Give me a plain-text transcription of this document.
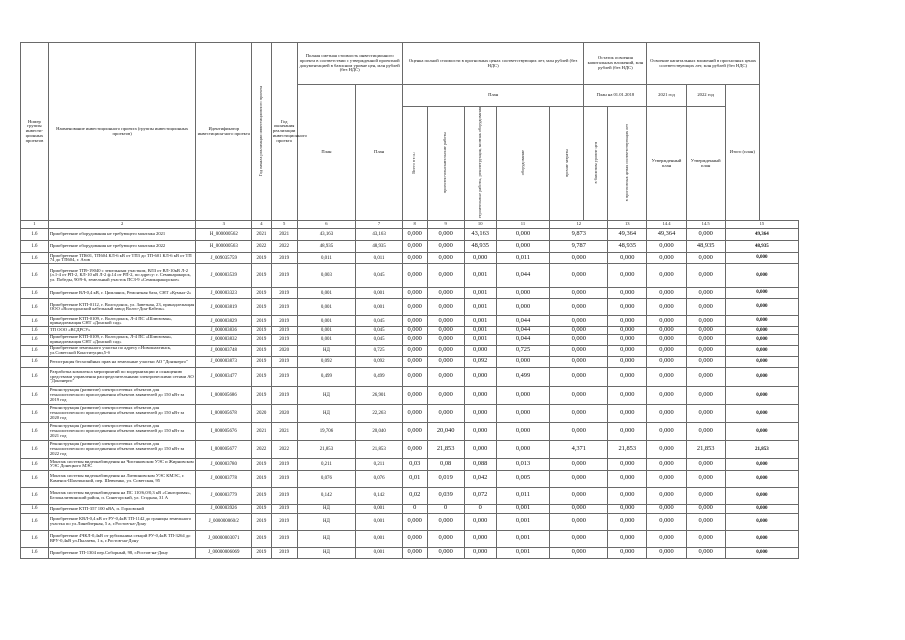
Номер группы инвести-ционных проектов	Наименование инвестиционного проекта (группы инвестиционных проектов)	Идентификатор инвестицион-ного проекта	Год начала реализации инвестиционного проекта	Год окончания реализации инвестиционного проекта	Полная сметная стоимость инвестиционного проекта в соответствии с утвержденной проектной документацией в базисном уровне цен, млн рублей (без НДС)		Оценка полной стоимости в прогнозных ценах соответствующих лет, млн рублей (без НДС)					Остаток освоения капитальных вложений, млн рублей (без НДС)		Освоение капитальных вложений в прогнозных ценах соответствующих лет, млн рублей (без НДС)		
					План	План	План					План на 01.01.2018		2021 год	2022 год	Итого (план)
							Всего в т.ч.:	проектно-изыскательские работы	строительные работы, реконструкция, монтаж оборудования	оборудование	прочие затраты	в базисном уровне цен	в прогнозных ценах соответствующих лет	Утвержденный план	Утвержденный план	
1	2	3	4	5	6	7	8	9	10	11	12		13	14.4	14.5	15
1.6	Приобретение оборудования не требующего монтажа 2021	H_000000562	2021	2021	43,163	43,163	0,000	0,000	43,163	0,000	9,873		49,364	49,364	0,000	49,364
1.6	Приобретение оборудования не требующего монтажа 2022	H_000000563	2022	2022	48,935	48,935	0,000	0,000	48,935	0,000	9,787		48,935	0,000	48,935	48,935
1.6	Приобретение ТП601, ТП604 КЛ-6 кВ от ТП3 до ТП-601 КЛ-6 кВ от ТП 74 до ТП604, г. Азов	J_009035759	2019	2019	0,011	0,011	0,000	0,000	0,000	0,011	0,000		0,000	0,000	0,000	0,000
1.6	Приобретение ТП9-19040 с земельным участком, ВЛЗ от ВЛ-10кВ Л-2 (л.1-4 от РП-2, КЛ-10 кВ Л-2 ф.14 от РП-2, по адресу: г. Семикаракорск, ул. Победы, 90/9-6, земельный участок ПСЗ-9 «Семикаракорское»	J_000003539	2019	2019	0,003	0,045	0,000	0,000	0,001	0,044	0,000		0,000	0,000	0,000	0,000
1.6	Приобретение ВЛ-0,4 кВ, г. Цимлянск, Ремонтная база, СНТ «Кумыл-2»	J_000003323	2019	2019	0,001	0,001	0,000	0,000	0,001	0,000	0,000		0,000	0,000	0,000	0,000
1.6	Приобретение КТП-0112, г. Волгодонск, ул. Заветная, 23, принадлежащая ООО «Волгодонский кабельный завод Волго-Дон-Кабель»	J_000003819	2019	2019	0,001	0,001	0,000	0,000	0,001	0,000	0,000		0,000	0,000	0,000	0,000
1.6	Приобретение КТП-0109, г. Волгодонск, Л-4 ПС «Шлюзовая», принадлежащая СНТ «Донской сад»	J_000003829	2019	2019	0,001	0,045	0,000	0,000	0,001	0,044	0,000		0,000	0,000	0,000	0,000
1.6	ТП ООО «ВСДРСУ»	J_000003836	2019	2019	0,001	0,045	0,000	0,000	0,001	0,044	0,000		0,000	0,000	0,000	0,000
1.6	Приобретение КТП-0109, г. Волгодонск, Л-4 ПС «Шлюзовая», принадлежащая СНТ «Донской сад»	J_000003832	2019	2019	0,001	0,045	0,000	0,000	0,001	0,044	0,000		0,000	0,000	0,000	0,000
1.6	Приобретение земельного участка по адресу г.Новошахтинск, ул.Советской Конституции,5-б	J_000003748	2019	2020	НД	0,725	0,000	0,000	0,000	0,725	0,000		0,000	0,000	0,000	0,000
1.6	Регистрация бесхозяйных прав на земельные участки АО "Донэнерго"	J_000003873	2019	2019	0,092	0,092	0,000	0,000	0,092	0,000	0,000		0,000	0,000	0,000	0,000
1.6	Разработка комплекса мероприятий по модернизации и оснащению средствами управления распределительными электрическими сетями АО "Донэнерго"	J_000003477	2019	2019	0,499	0,499	0,000	0,000	0,000	0,499	0,000		0,000	0,000	0,000	0,000
1.6	Реконструкция (развитие) электросетевых объектов для технологического присоединения объектов заявителей до 150 кВт за 2019 год	I_000005686	2019	2019	НД	26,901	0,000	0,000	0,000	0,000	0,000		0,000	0,000	0,000	0,000
1.6	Реконструкция (развитие) электросетевых объектов для технологического присоединения объектов заявителей до 150 кВт за 2020 год	I_000005678	2020	2020	НД	22,263	0,000	0,000	0,000	0,000	0,000		0,000	0,000	0,000	0,000
1.6	Реконструкция (развитие) электросетевых объектов для технологического присоединения объектов заявителей до 150 кВт за 2021 год	I_000005676	2021	2021	19,706	20,040	0,000	20,040	0,000	0,000	0,000		0,000	0,000	0,000	0,000
1.6	Реконструкция (развитие) электросетевых объектов для технологического присоединения объектов заявителей до 150 кВт за 2022 год	I_000005677	2022	2022	21,853	21,853	0,000	21,853	0,000	0,000	4,371		21,853	0,000	21,853	21,853
1.6	Монтаж системы видеонаблюдения на Чистяковском УЭС и Жирновском УЭС Донецкого МЭС	J_000003780	2019	2019	0,211	0,211	0,03	0,08	0,088	0,013	0,000		0,000	0,000	0,000	0,000
1.6	Монтаж системы видеонаблюдения на Литвиновском УЭС КМЭС, г. Каменск-Шахтинский, пер. Шевченко, ул. Советская, 95	J_000003778	2019	2019	0,076	0,076	0,01	0,019	0,042	0,005	0,000		0,000	0,000	0,000	0,000
1.6	Монтаж системы видеонаблюдения на ПС 110/6,0/0,3 кВ «Сингоровая», Белокалитвинский район, п. Синегорский, ул. Стадная, 31 А	J_000003779	2019	2019	0,142	0,142	0,02	0,039	0,072	0,011	0,000		0,000	0,000	0,000	0,000
1.6	Приобретение КТП-357 100 кВА, п. Горловский	J_000003926	2019	2019	НД	0,001	0	0	0	0,001	0,000		0,000	0,000	0,000	0,000
1.6	Приобретение КВЛ-0,4 кВ от РУ-0,4кВ ТП-1142 до границы земельного участка по ул.Линейзерная, 5 а, г.Ростов-на-Дону	J_000000060/2	2019	2019	НД	0,001	0,000	0,000	0,000	0,001	0,000		0,000	0,000	0,000	0,000
1.6	Приобретение 4ЧКЛ-0,4кВ от рубильника секций РУ-0,4кВ ТП-3264 до ВРУ-0,4кВ ул.Пылаева, 1 к, г.Ростов-на-Дону	J_00000003071	2019	2019	НД	0,001	0,000	0,000	0,000	0,001	0,000		0,000	0,000	0,000	0,000
1.6	Приобретение ТП-1304 пер.Соборный, 98, г.Ростов-на-Дону	J_00000006069	2019	2019	НД	0,001	0,000	0,000	0,000	0,001	0,000		0,000	0,000	0,000	0,000
